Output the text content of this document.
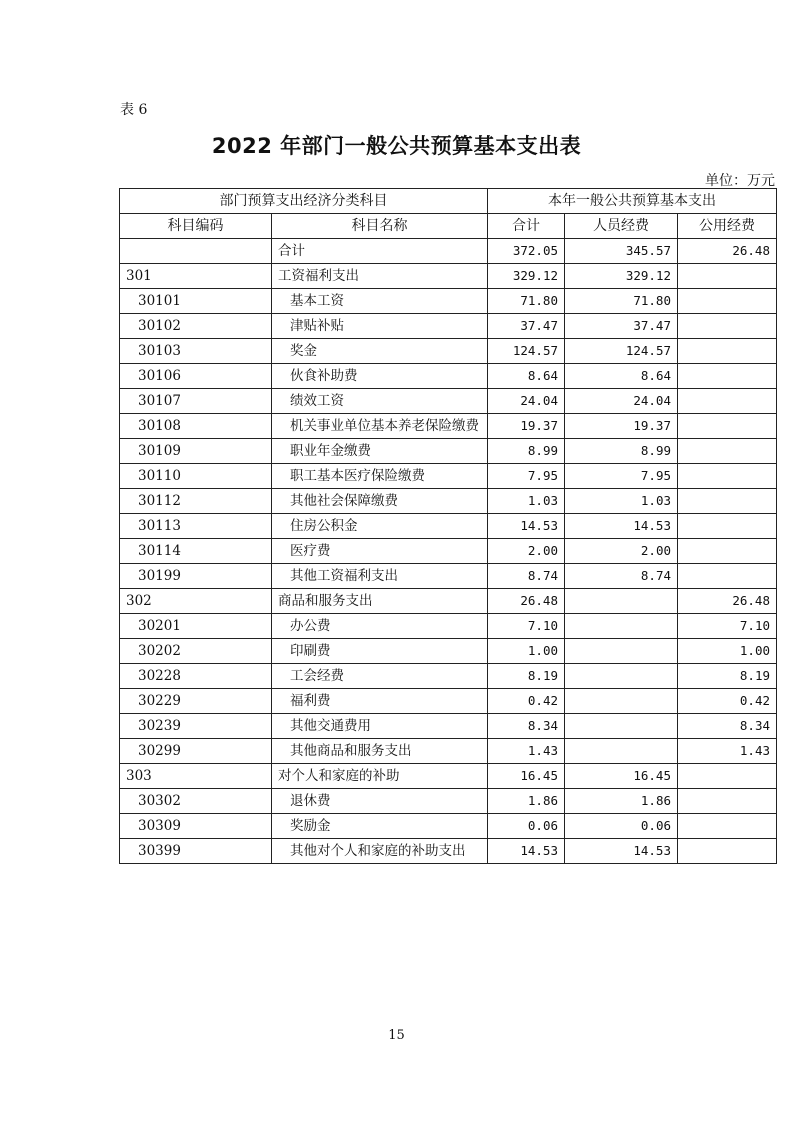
表 6
2022 年部门一般公共预算基本支出表
单位：万元
部门预算支出经济分类科目		本年一般公共预算基本支出		
科目编码	科目名称	合计	人员经费	公用经费
	合计	372.05	345.57	26.48
301	工资福利支出	329.12	329.12	
30101	基本工资	71.80	71.80	
30102	津贴补贴	37.47	37.47	
30103	奖金	124.57	124.57	
30106	伙食补助费	8.64	8.64	
30107	绩效工资	24.04	24.04	
30108	机关事业单位基本养老保险缴费	19.37	19.37	
30109	职业年金缴费	8.99	8.99	
30110	职工基本医疗保险缴费	7.95	7.95	
30112	其他社会保障缴费	1.03	1.03	
30113	住房公积金	14.53	14.53	
30114	医疗费	2.00	2.00	
30199	其他工资福利支出	8.74	8.74	
302	商品和服务支出	26.48		26.48
30201	办公费	7.10		7.10
30202	印刷费	1.00		1.00
30228	工会经费	8.19		8.19
30229	福利费	0.42		0.42
30239	其他交通费用	8.34		8.34
30299	其他商品和服务支出	1.43		1.43
303	对个人和家庭的补助	16.45	16.45	
30302	退休费	1.86	1.86	
30309	奖励金	0.06	0.06	
30399	其他对个人和家庭的补助支出	14.53	14.53	
15
